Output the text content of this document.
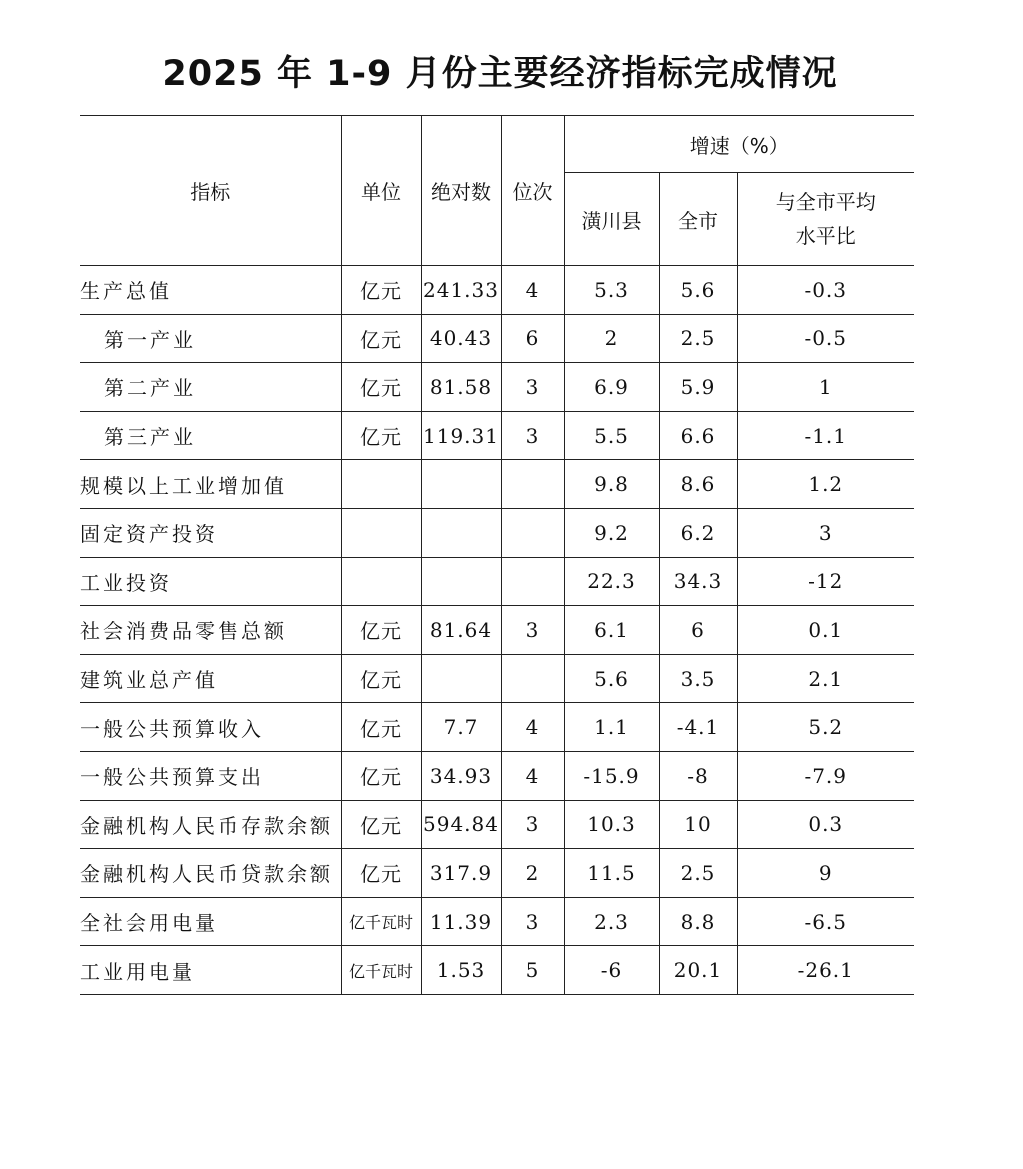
2025 年 1-9 月份主要经济指标完成情况
指标	单位	绝对数	位次	增速（%）		
				潢川县	全市	与全市平均水平比
生产总值	亿元	241.33	4	5.3	5.6	-0.3
第一产业	亿元	40.43	6	2	2.5	-0.5
第二产业	亿元	81.58	3	6.9	5.9	1
第三产业	亿元	119.31	3	5.5	6.6	-1.1
规模以上工业增加值				9.8	8.6	1.2
固定资产投资				9.2	6.2	3
工业投资				22.3	34.3	-12
社会消费品零售总额	亿元	81.64	3	6.1	6	0.1
建筑业总产值	亿元			5.6	3.5	2.1
一般公共预算收入	亿元	7.7	4	1.1	-4.1	5.2
一般公共预算支出	亿元	34.93	4	-15.9	-8	-7.9
金融机构人民币存款余额	亿元	594.84	3	10.3	10	0.3
金融机构人民币贷款余额	亿元	317.9	2	11.5	2.5	9
全社会用电量	亿千瓦时	11.39	3	2.3	8.8	-6.5
工业用电量	亿千瓦时	1.53	5	-6	20.1	-26.1
